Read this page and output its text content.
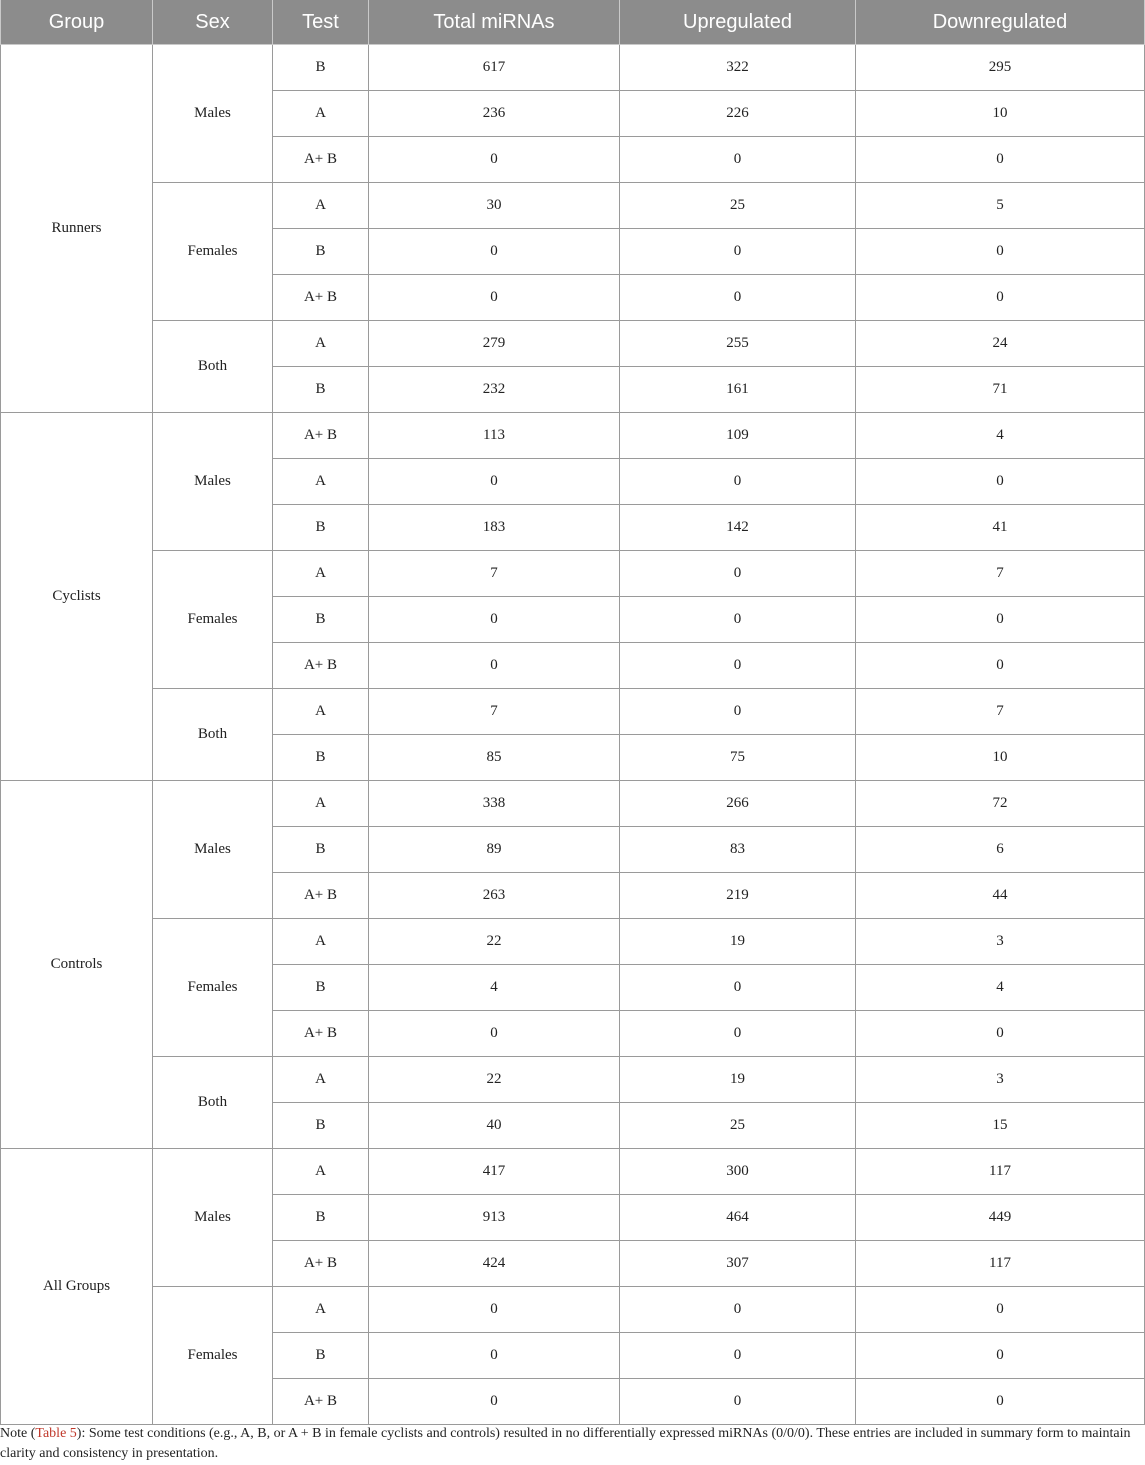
Group	Sex	Test	Total miRNAs	Upregulated	Downregulated
Runners	Males	B	617	322	295
		A	236	226	10
		A+ B	0	0	0
	Females	A	30	25	5
		B	0	0	0
		A+ B	0	0	0
	Both	A	279	255	24
		B	232	161	71
Cyclists	Males	A+ B	113	109	4
		A	0	0	0
		B	183	142	41
	Females	A	7	0	7
		B	0	0	0
		A+ B	0	0	0
	Both	A	7	0	7
		B	85	75	10
Controls	Males	A	338	266	72
		B	89	83	6
		A+ B	263	219	44
	Females	A	22	19	3
		B	4	0	4
		A+ B	0	0	0
	Both	A	22	19	3
		B	40	25	15
All Groups	Males	A	417	300	117
		B	913	464	449
		A+ B	424	307	117
	Females	A	0	0	0
		B	0	0	0
		A+ B	0	0	0
Note (Table 5): Some test conditions (e.g., A, B, or A + B in female cyclists and controls) resulted in no differentially expressed miRNAs (0/0/0). These entries are included in summary form to maintain clarity and consistency in presentation.
